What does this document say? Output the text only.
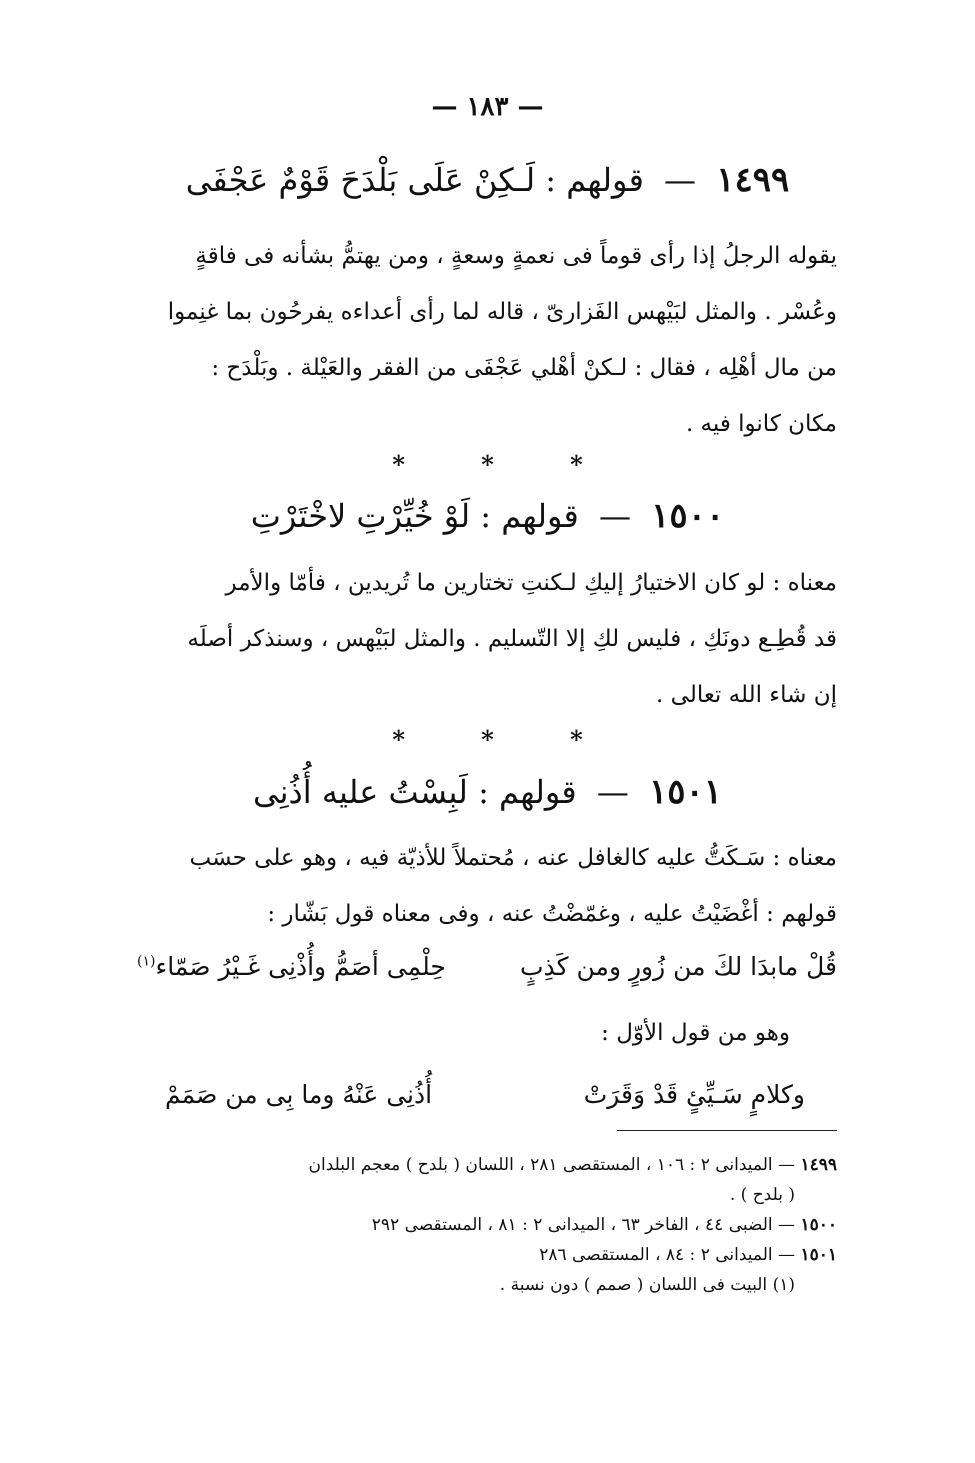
— ١٨٣ —
١٤٩٩ — قولهم : لَـكِنْ عَلَى بَلْدَحَ قَوْمٌ عَجْفَى
يقوله الرجلُ إذا رأى قوماً فى نعمةٍ وسعةٍ ، ومن يهتمُّ بشأنه فى فاقةٍ
وعُسْر . والمثل لبَيْهس الفَزارىّ ، قاله لما رأى أعداءه يفرحُون بما غنِموا
من مال أهْلِه ، فقال : لـكنْ أهْلي عَجْفَى من الفقر والعَيْلة . وبَلْدَح :
مكان كانوا فيه .
* * *
١٥٠٠ — قولهم : لَوْ خُيِّرْتِ لاخْتَرْتِ
معناه : لو كان الاختيارُ إليكِ لـكنتِ تختارين ما تُريدين ، فأمّا والأمر
قد قُطِـع دونَكِ ، فليس لكِ إلا التّسليم . والمثل لبَيْهس ، وسنذكر أصلَه
إن شاء الله تعالى .
* * *
١٥٠١ — قولهم : لَبِسْتُ عليه أُذُنِى
معناه : سَـكَتُّ عليه كالغافل عنه ، مُحتملاً للأذيّة فيه ، وهو على حسَب
قولهم : أغْضَيْتُ عليه ، وغمّضْتُ عنه ، وفى معناه قول بَشّار :
قُلْ مابدَا لكَ من زُورٍ ومن كَذِبٍ
حِلْمِى أصَمُّ وأُذْنِى غَـيْرُ صَمّاء$^{(١)}$
وهو من قول الأوّل :
وكلامٍ سَـيِّئٍ قَدْ وَقَرَتْ
أُذُنِى عَنْهُ وما بِى من صَمَمْ
١٤٩٩ — الميدانى ٢ : ١٠٦ ، المستقصى ٢٨١ ، اللسان ( بلدح ) معجم البلدان
( بلدح ) .
١٥٠٠ — الضبى ٤٤ ، الفاخر ٦٣ ، الميدانى ٢ : ٨١ ، المستقصى ٢٩٢
١٥٠١ — الميدانى ٢ : ٨٤ ، المستقصى ٢٨٦
(١) البيت فى اللسان ( صمم ) دون نسبة .
